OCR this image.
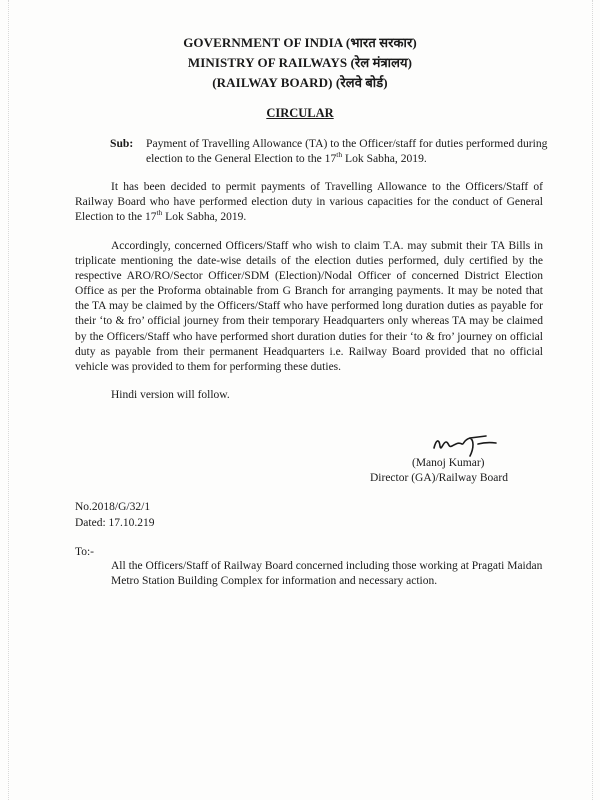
GOVERNMENT OF INDIA (भारत सरकार)
MINISTRY OF RAILWAYS (रेल मंत्रालय)
(RAILWAY BOARD) (रेलवे बोर्ड)
CIRCULAR
Sub: Payment of Travelling Allowance (TA) to the Officer/staff for duties performed during election to the General Election to the 17th Lok Sabha, 2019.
It has been decided to permit payments of Travelling Allowance to the Officers/Staff of Railway Board who have performed election duty in various capacities for the conduct of General Election to the 17th Lok Sabha, 2019.
Accordingly, concerned Officers/Staff who wish to claim T.A. may submit their TA Bills in triplicate mentioning the date-wise details of the election duties performed, duly certified by the respective ARO/RO/Sector Officer/SDM (Election)/Nodal Officer of concerned District Election Office as per the Proforma obtainable from G Branch for arranging payments. It may be noted that the TA may be claimed by the Officers/Staff who have performed long duration duties as payable for their ‘to & fro’ official journey from their temporary Headquarters only whereas TA may be claimed by the Officers/Staff who have performed short duration duties for their ‘to & fro’ journey on official duty as payable from their permanent Headquarters i.e. Railway Board provided that no official vehicle was provided to them for performing these duties.
Hindi version will follow.
(Manoj Kumar)
Director (GA)/Railway Board
No.2018/G/32/1
Dated: 17.10.219
To:-
All the Officers/Staff of Railway Board concerned including those working at Pragati Maidan Metro Station Building Complex for information and necessary action.
